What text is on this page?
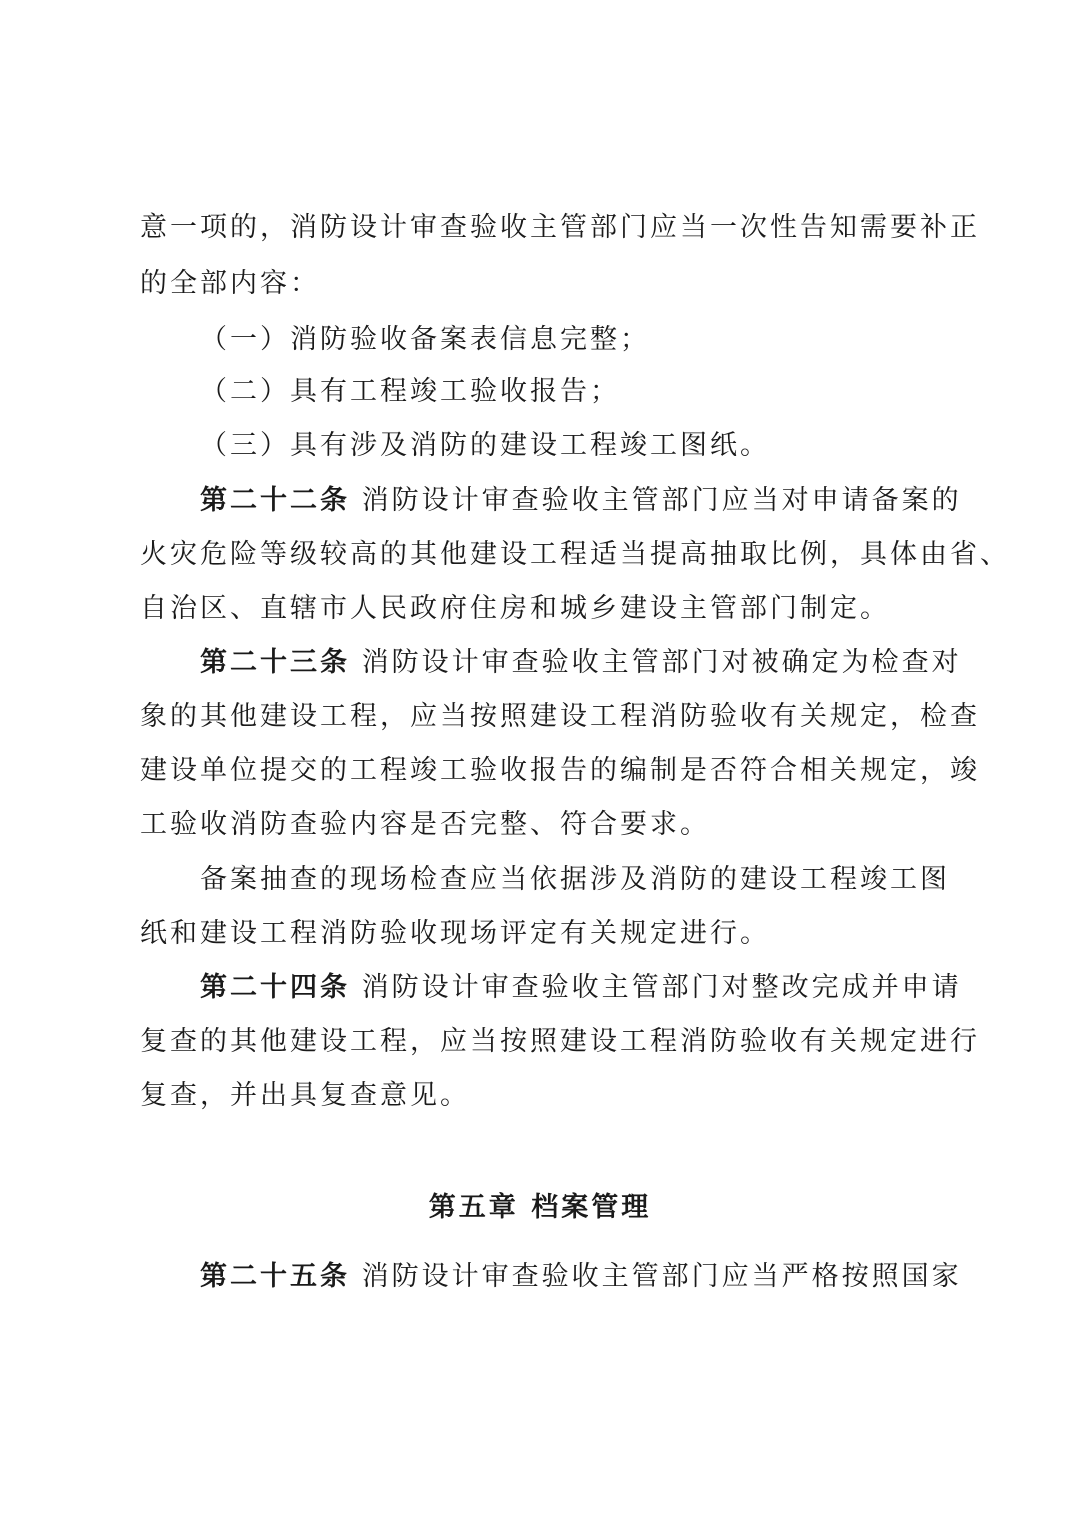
意一项的，消防设计审查验收主管部门应当一次性告知需要补正
的全部内容：
（一）消防验收备案表信息完整；
（二）具有工程竣工验收报告；
（三）具有涉及消防的建设工程竣工图纸。
第二十二条 消防设计审查验收主管部门应当对申请备案的
火灾危险等级较高的其他建设工程适当提高抽取比例，具体由省、
自治区、直辖市人民政府住房和城乡建设主管部门制定。
第二十三条 消防设计审查验收主管部门对被确定为检查对
象的其他建设工程，应当按照建设工程消防验收有关规定，检查
建设单位提交的工程竣工验收报告的编制是否符合相关规定，竣
工验收消防查验内容是否完整、符合要求。
备案抽查的现场检查应当依据涉及消防的建设工程竣工图
纸和建设工程消防验收现场评定有关规定进行。
第二十四条 消防设计审查验收主管部门对整改完成并申请
复查的其他建设工程，应当按照建设工程消防验收有关规定进行
复查，并出具复查意见。
第五章 档案管理
第二十五条 消防设计审查验收主管部门应当严格按照国家
